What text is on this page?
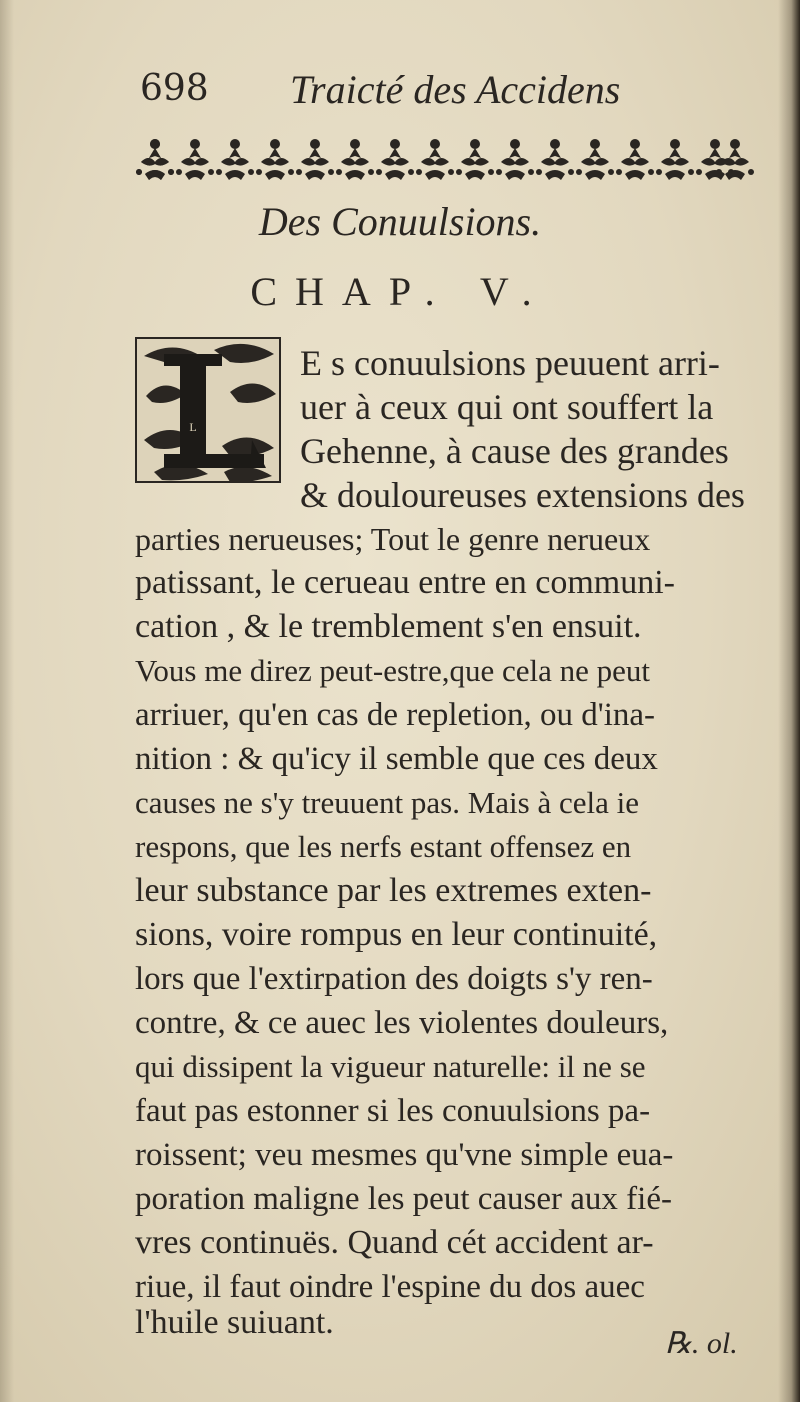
698 Traicté des Accidens
Des Conuulsions.
CHAP. V.
L
E s conuulsions peuuent arri-
uer à ceux qui ont souffert la
Gehenne, à cause des grandes
& douloureuses extensions des
parties nerueuses; Tout le genre nerueux
patissant, le cerueau entre en communi-
cation , & le tremblement s'en ensuit.
Vous me direz peut-estre,que cela ne peut
arriuer, qu'en cas de repletion, ou d'ina-
nition : & qu'icy il semble que ces deux
causes ne s'y treuuent pas. Mais à cela ie
respons, que les nerfs estant offensez en
leur substance par les extremes exten-
sions, voire rompus en leur continuité,
lors que l'extirpation des doigts s'y ren-
contre, & ce auec les violentes douleurs,
qui dissipent la vigueur naturelle: il ne se
faut pas estonner si les conuulsions pa-
roissent; veu mesmes qu'vne simple eua-
poration maligne les peut causer aux fié-
vres continuës. Quand cét accident ar-
riue, il faut oindre l'espine du dos auec
l'huile suiuant.
℞. ol.
